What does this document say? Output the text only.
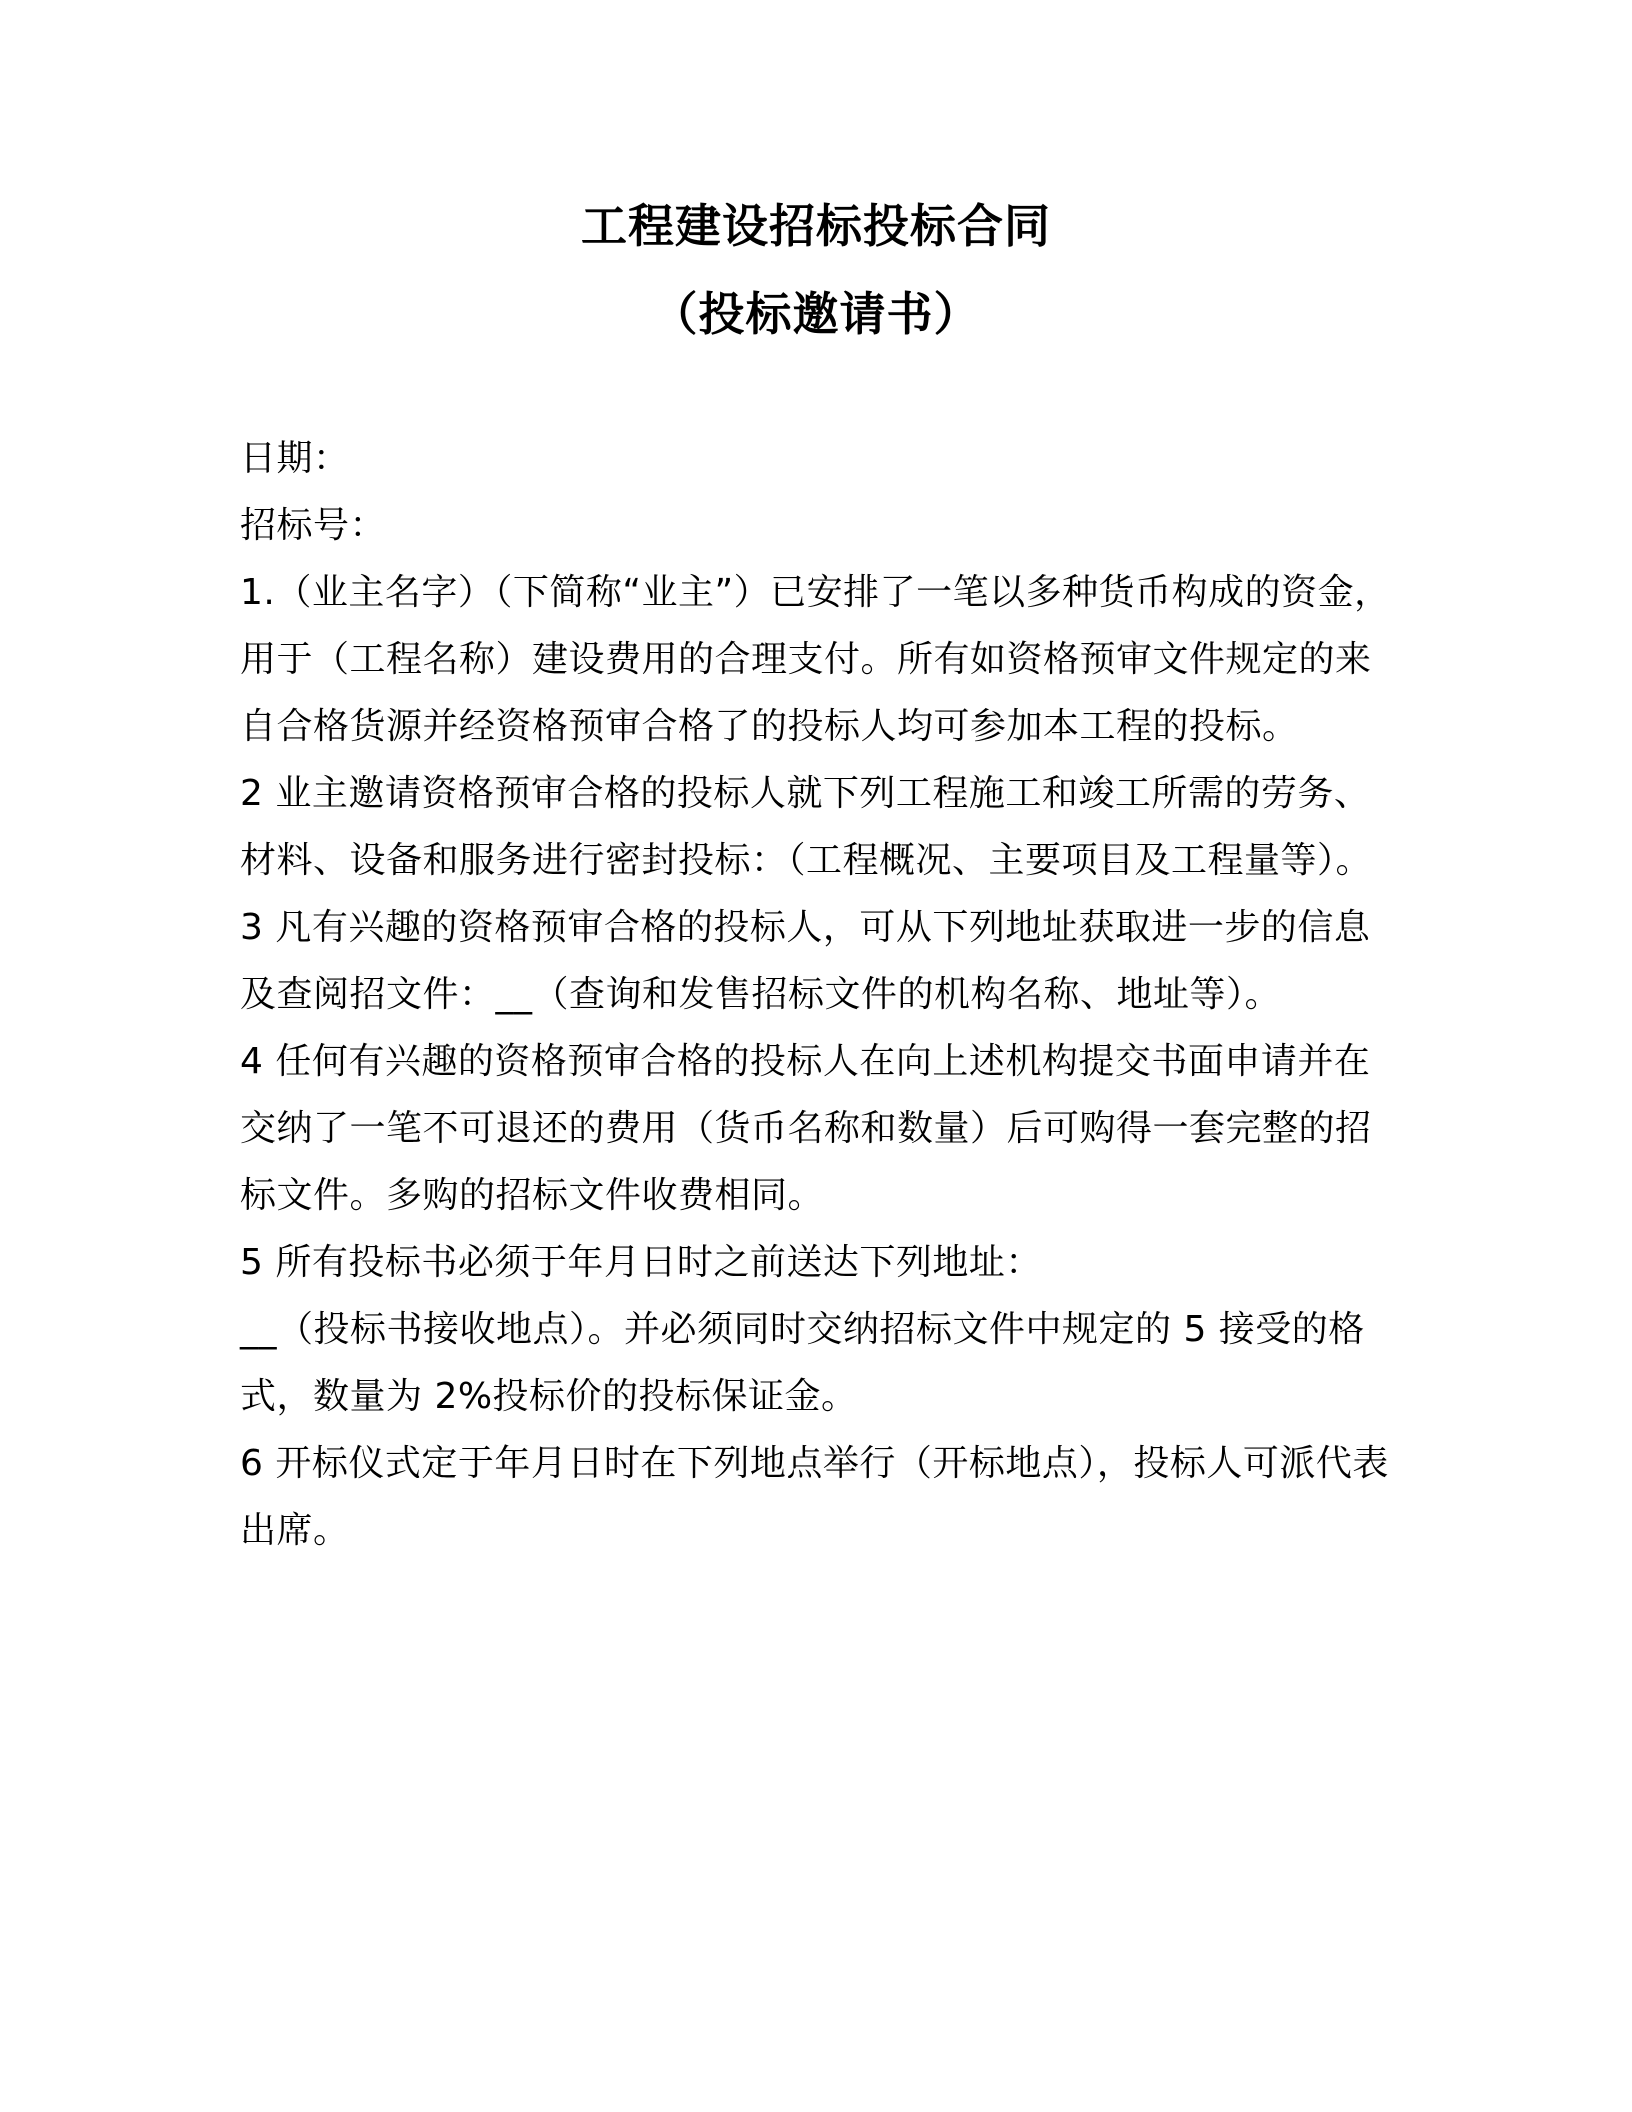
工程建设招标投标合同
（投标邀请书）
日期：
招标号：
1.（业主名字）（下简称“业主”）已安排了一笔以多种货币构成的资金，
用于（工程名称）建设费用的合理支付。所有如资格预审文件规定的来
自合格货源并经资格预审合格了的投标人均可参加本工程的投标。
2 业主邀请资格预审合格的投标人就下列工程施工和竣工所需的劳务、
材料、设备和服务进行密封投标：（工程概况、主要项目及工程量等）。
3 凡有兴趣的资格预审合格的投标人，可从下列地址获取进一步的信息
及查阅招文件：__（查询和发售招标文件的机构名称、地址等）。
4 任何有兴趣的资格预审合格的投标人在向上述机构提交书面申请并在
交纳了一笔不可退还的费用（货币名称和数量）后可购得一套完整的招
标文件。多购的招标文件收费相同。
5 所有投标书必须于年月日时之前送达下列地址：
__（投标书接收地点）。并必须同时交纳招标文件中规定的 5 接受的格
式，数量为 2%投标价的投标保证金。
6 开标仪式定于年月日时在下列地点举行（开标地点），投标人可派代表
出席。
